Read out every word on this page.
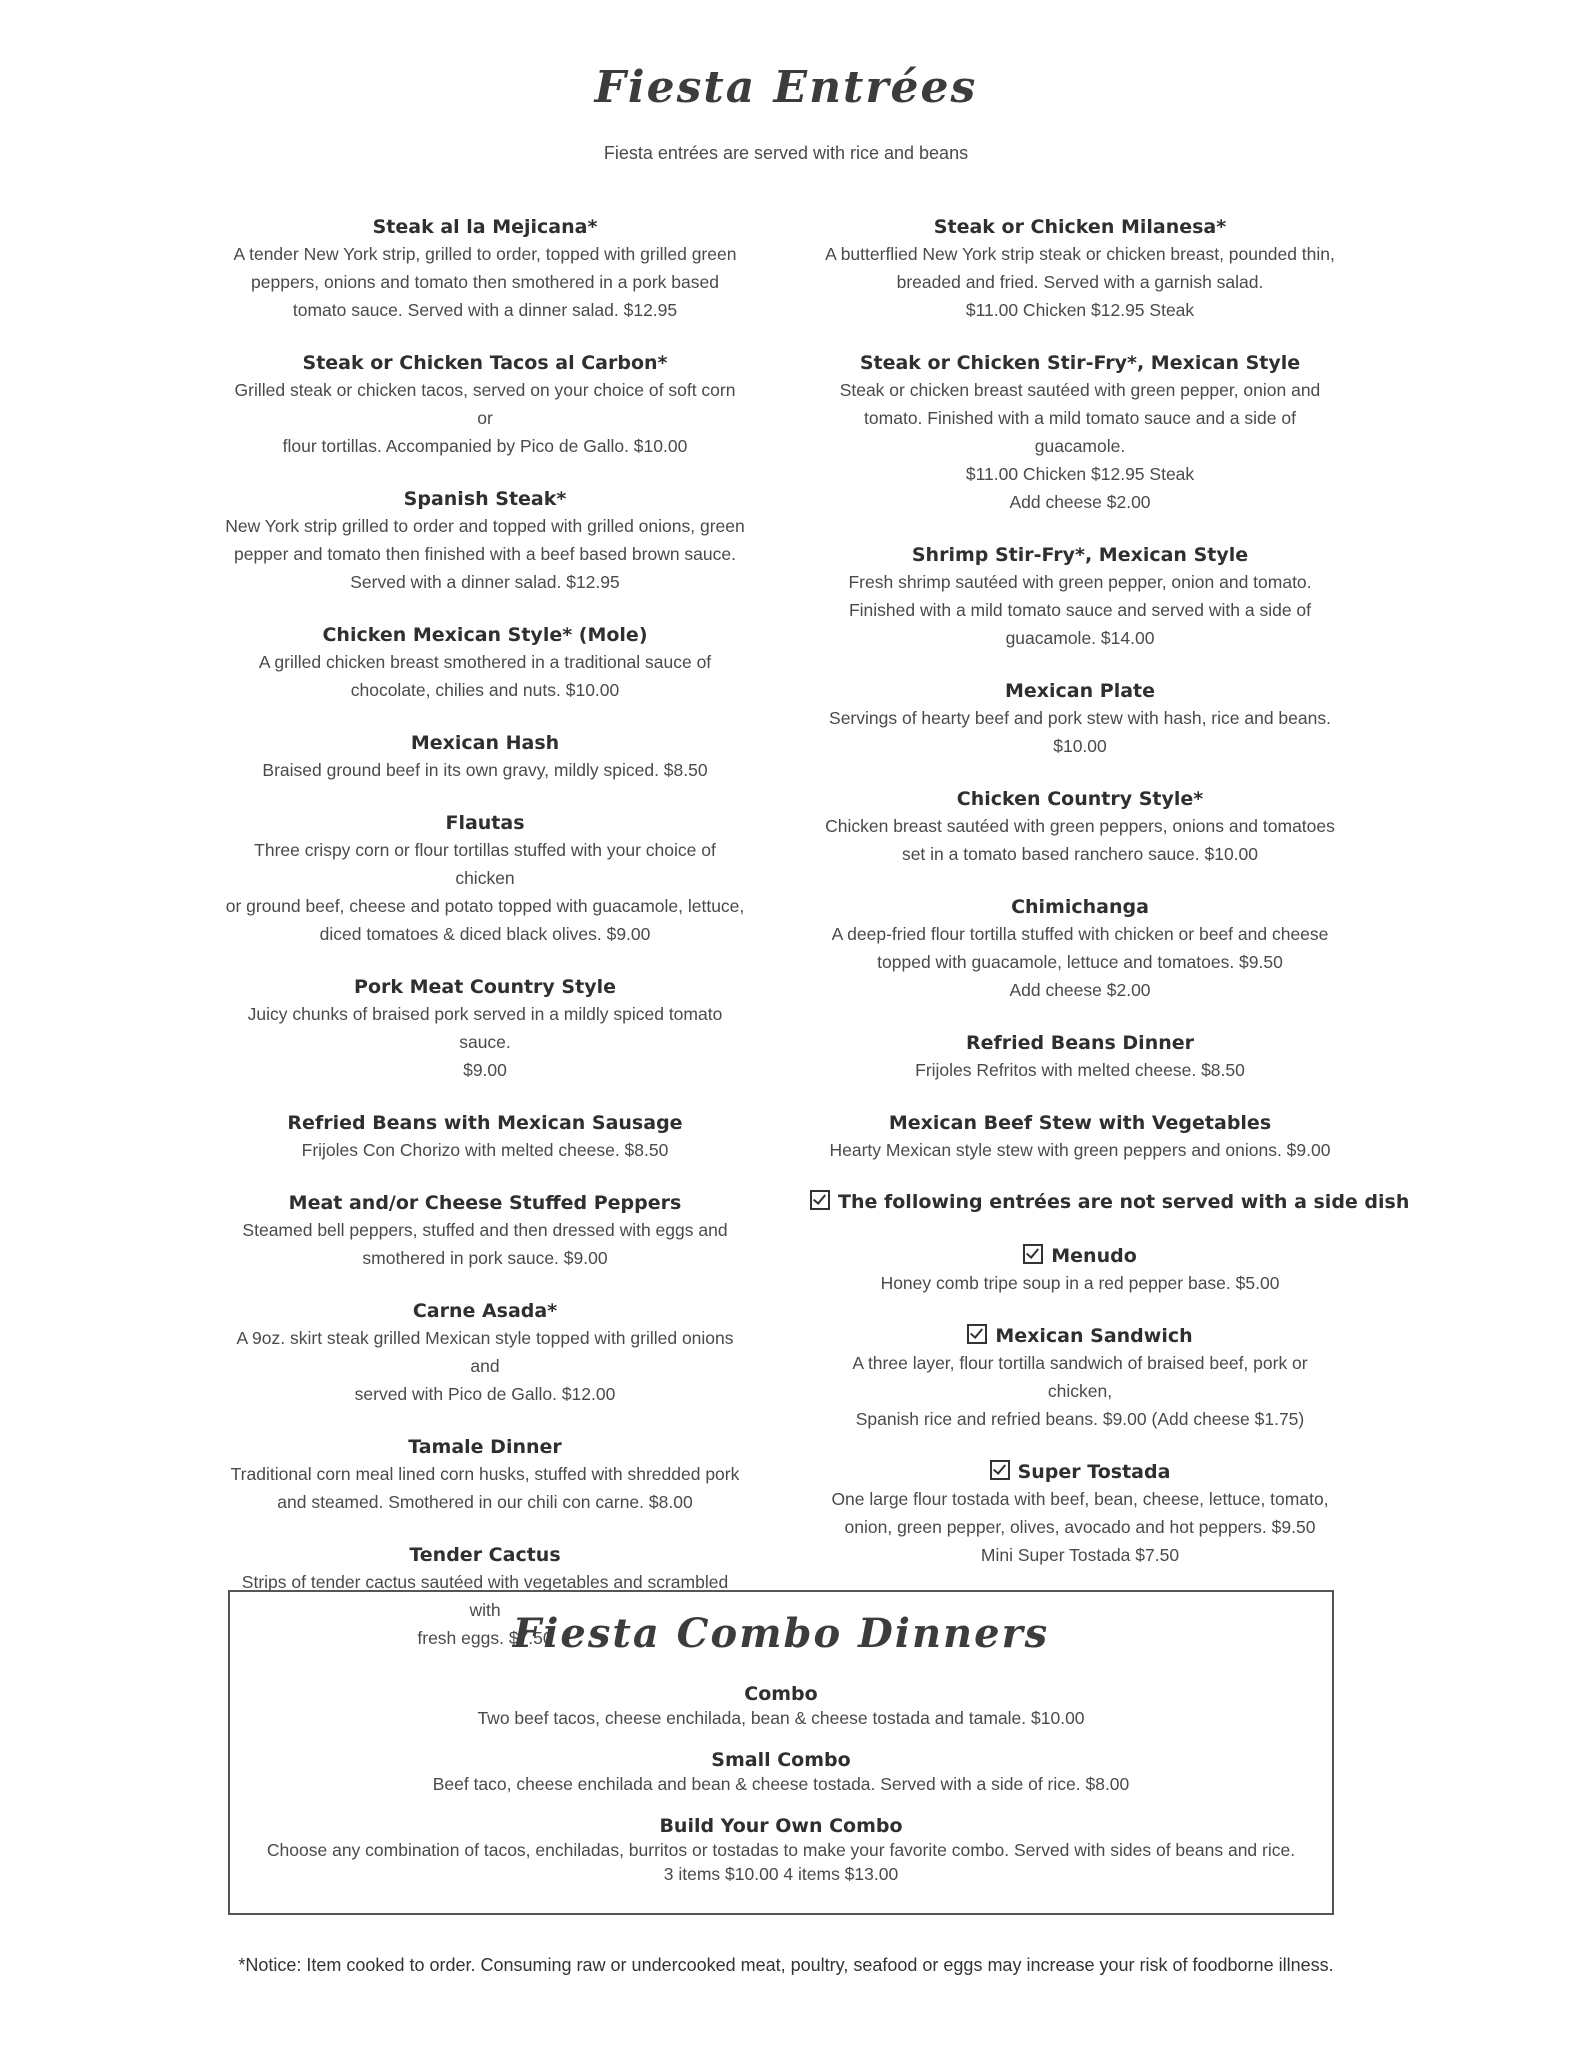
Fiesta Entrées
Fiesta entrées are served with rice and beans
Steak al la Mejicana*
A tender New York strip, grilled to order, topped with grilled green
peppers, onions and tomato then smothered in a pork based
tomato sauce. Served with a dinner salad. $12.95
Steak or Chicken Tacos al Carbon*
Grilled steak or chicken tacos, served on your choice of soft corn or
flour tortillas. Accompanied by Pico de Gallo. $10.00
Spanish Steak*
New York strip grilled to order and topped with grilled onions, green
pepper and tomato then finished with a beef based brown sauce.
Served with a dinner salad. $12.95
Chicken Mexican Style* (Mole)
A grilled chicken breast smothered in a traditional sauce of
chocolate, chilies and nuts. $10.00
Mexican Hash
Braised ground beef in its own gravy, mildly spiced. $8.50
Flautas
Three crispy corn or flour tortillas stuffed with your choice of chicken
or ground beef, cheese and potato topped with guacamole, lettuce,
diced tomatoes & diced black olives. $9.00
Pork Meat Country Style
Juicy chunks of braised pork served in a mildly spiced tomato sauce.
$9.00
Refried Beans with Mexican Sausage
Frijoles Con Chorizo with melted cheese. $8.50
Meat and/or Cheese Stuffed Peppers
Steamed bell peppers, stuffed and then dressed with eggs and
smothered in pork sauce. $9.00
Carne Asada*
A 9oz. skirt steak grilled Mexican style topped with grilled onions and
served with Pico de Gallo. $12.00
Tamale Dinner
Traditional corn meal lined corn husks, stuffed with shredded pork
and steamed. Smothered in our chili con carne. $8.00
Tender Cactus
Strips of tender cactus sautéed with vegetables and scrambled with
fresh eggs. $7.50
Steak or Chicken Milanesa*
A butterflied New York strip steak or chicken breast, pounded thin,
breaded and fried. Served with a garnish salad.
$11.00 Chicken $12.95 Steak
Steak or Chicken Stir-Fry*, Mexican Style
Steak or chicken breast sautéed with green pepper, onion and
tomato. Finished with a mild tomato sauce and a side of guacamole.
$11.00 Chicken $12.95 Steak
Add cheese $2.00
Shrimp Stir-Fry*, Mexican Style
Fresh shrimp sautéed with green pepper, onion and tomato.
Finished with a mild tomato sauce and served with a side of
guacamole. $14.00
Mexican Plate
Servings of hearty beef and pork stew with hash, rice and beans.
$10.00
Chicken Country Style*
Chicken breast sautéed with green peppers, onions and tomatoes
set in a tomato based ranchero sauce. $10.00
Chimichanga
A deep-fried flour tortilla stuffed with chicken or beef and cheese
topped with guacamole, lettuce and tomatoes. $9.50
Add cheese $2.00
Refried Beans Dinner
Frijoles Refritos with melted cheese. $8.50
Mexican Beef Stew with Vegetables
Hearty Mexican style stew with green peppers and onions. $9.00
The following entrées are not served with a side dish
Menudo
Honey comb tripe soup in a red pepper base. $5.00
Mexican Sandwich
A three layer, flour tortilla sandwich of braised beef, pork or chicken,
Spanish rice and refried beans. $9.00 (Add cheese $1.75)
Super Tostada
One large flour tostada with beef, bean, cheese, lettuce, tomato,
onion, green pepper, olives, avocado and hot peppers. $9.50
Mini Super Tostada $7.50
Fiesta Combo Dinners
Combo
Two beef tacos, cheese enchilada, bean & cheese tostada and tamale. $10.00
Small Combo
Beef taco, cheese enchilada and bean & cheese tostada. Served with a side of rice. $8.00
Build Your Own Combo
Choose any combination of tacos, enchiladas, burritos or tostadas to make your favorite combo. Served with sides of beans and rice.
3 items $10.00 4 items $13.00
*Notice: Item cooked to order. Consuming raw or undercooked meat, poultry, seafood or eggs may increase your risk of foodborne illness.
